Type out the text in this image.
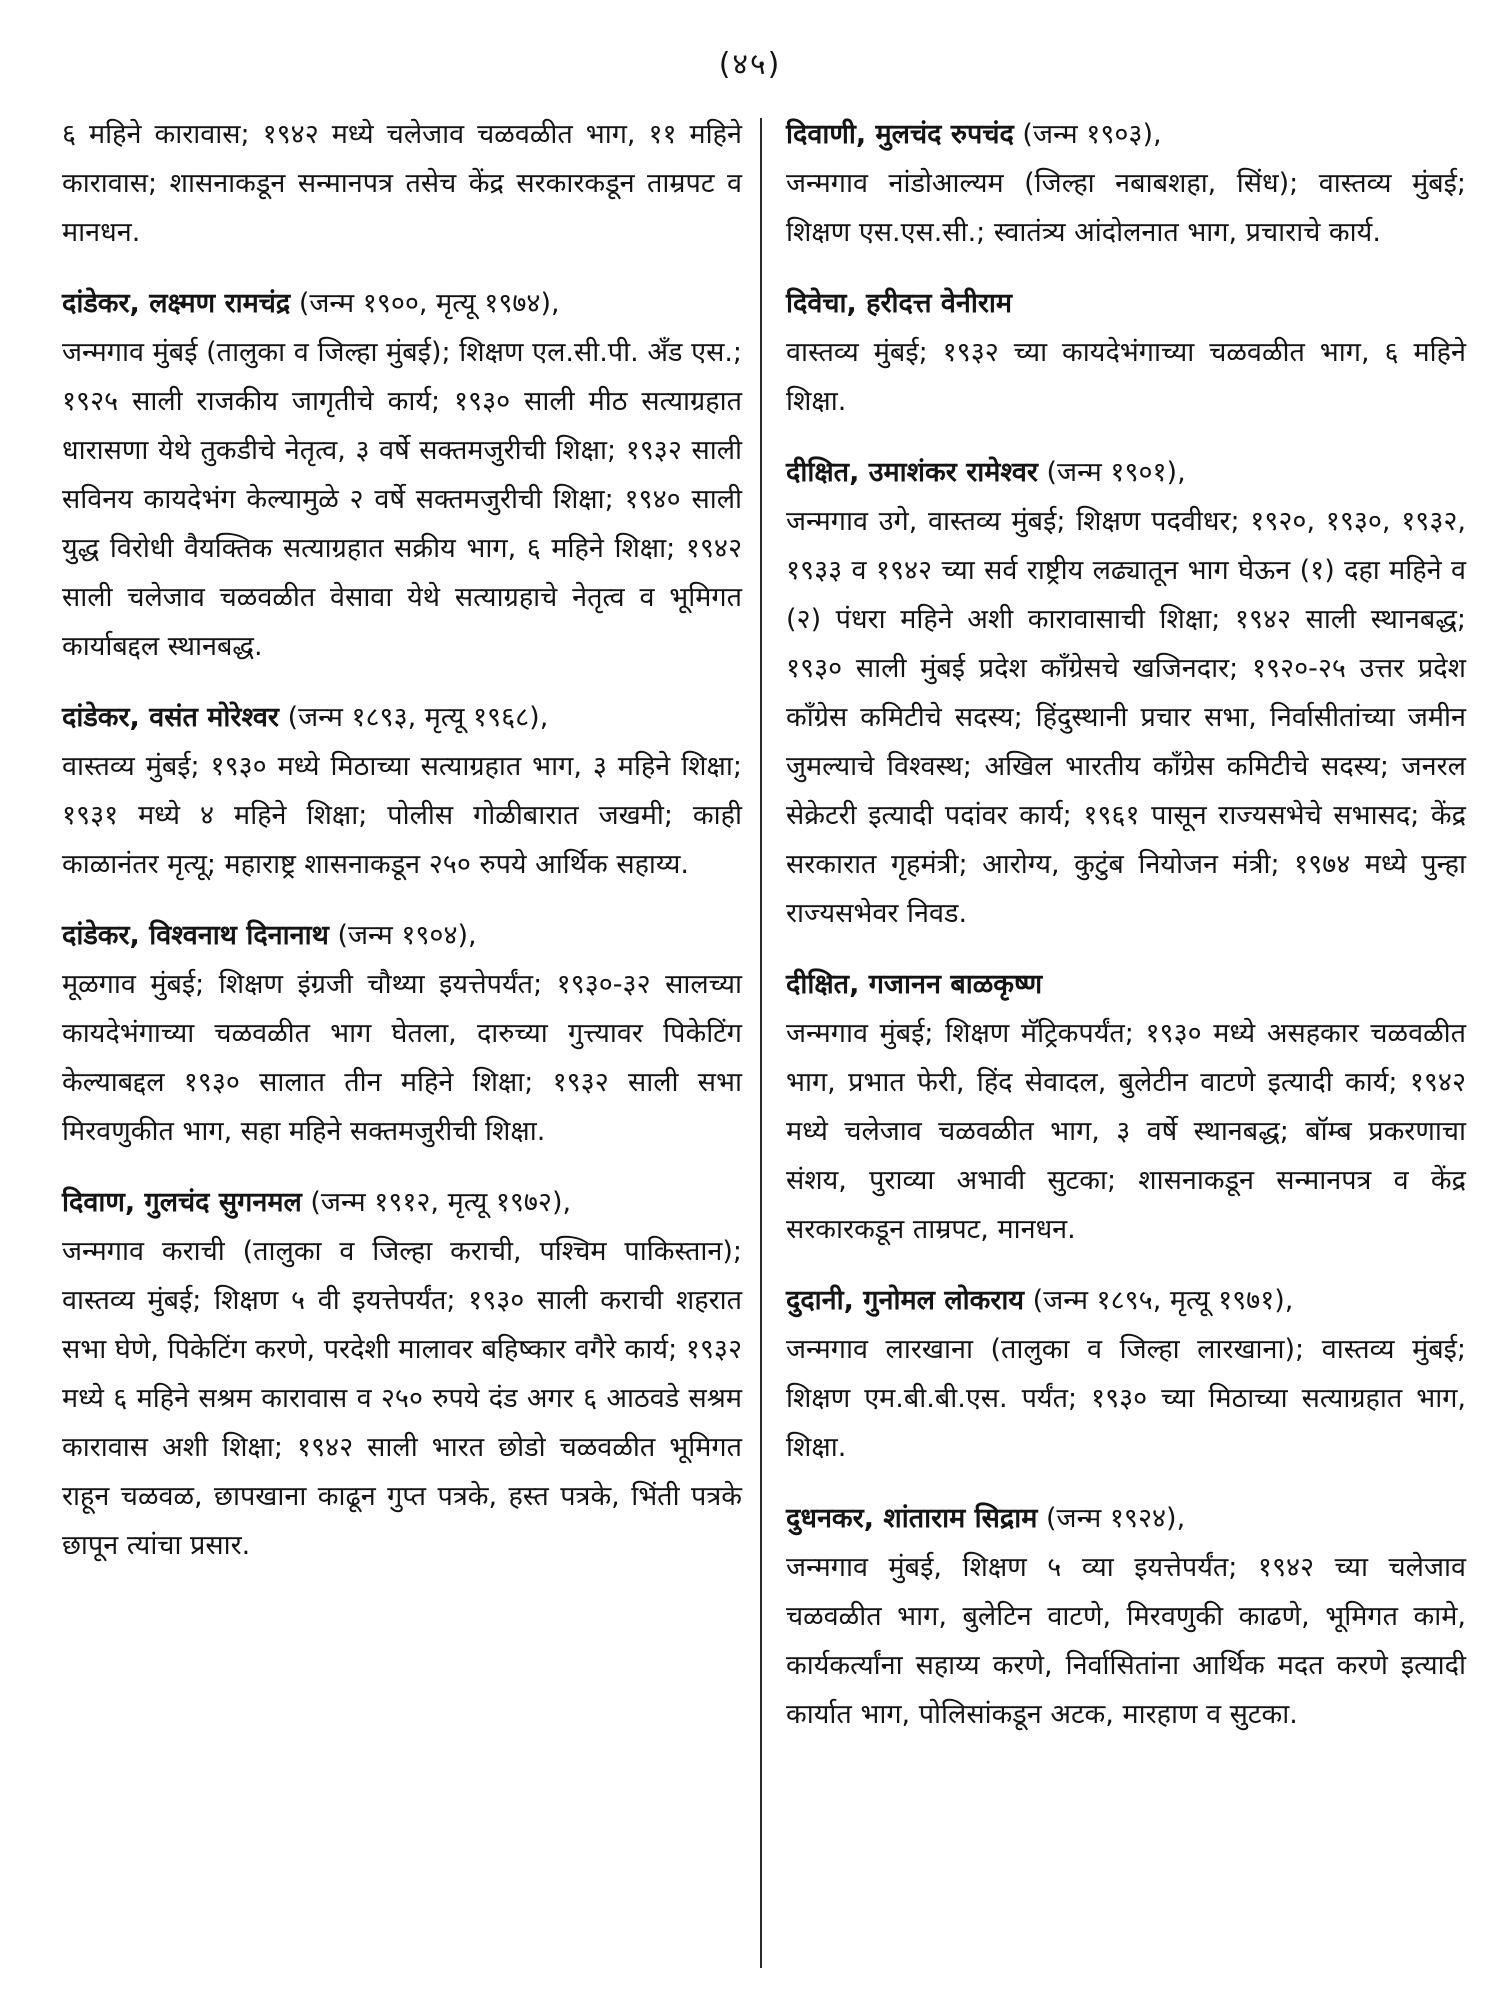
(४५)

६ महिने कारावास; १९४२ मध्ये चलेजाव चळवळीत भाग, ११ महिने कारावास; शासनाकडून सन्मानपत्र तसेच केंद्र सरकारकडून ताम्रपट व मानधन.

दांडेकर, लक्ष्मण रामचंद्र (जन्म १९००, मृत्यू १९७४),

जन्मगाव मुंबई (तालुका व जिल्हा मुंबई); शिक्षण एल.सी.पी. अँड एस.; १९२५ साली राजकीय जागृतीचे कार्य; १९३० साली मीठ सत्याग्रहात धारासणा येथे तुकडीचे नेतृत्व, ३ वर्षे सक्तमजुरीची शिक्षा; १९३२ साली सविनय कायदेभंग केल्यामुळे २ वर्षे सक्तमजुरीची शिक्षा; १९४० साली युद्ध विरोधी वैयक्तिक सत्याग्रहात सक्रीय भाग, ६ महिने शिक्षा; १९४२ साली चलेजाव चळवळीत वेसावा येथे सत्याग्रहाचे नेतृत्व व भूमिगत कार्याबद्दल स्थानबद्ध.

दांडेकर, वसंत मोरेश्वर (जन्म १८९३, मृत्यू १९६८),

वास्तव्य मुंबई; १९३० मध्ये मिठाच्या सत्याग्रहात भाग, ३ महिने शिक्षा; १९३१ मध्ये ४ महिने शिक्षा; पोलीस गोळीबारात जखमी; काही काळानंतर मृत्यू; महाराष्ट्र शासनाकडून २५० रुपये आर्थिक सहाय्य.

दांडेकर, विश्वनाथ दिनानाथ (जन्म १९०४),

मूळगाव मुंबई; शिक्षण इंग्रजी चौथ्या इयत्तेपर्यंत; १९३०-३२ सालच्या कायदेभंगाच्या चळवळीत भाग घेतला, दारुच्या गुत्त्यावर पिकेटिंग केल्याबद्दल १९३० सालात तीन महिने शिक्षा; १९३२ साली सभा मिरवणुकीत भाग, सहा महिने सक्तमजुरीची शिक्षा.

दिवाण, गुलचंद सुगनमल (जन्म १९१२, मृत्यू १९७२),

जन्मगाव कराची (तालुका व जिल्हा कराची, पश्चिम पाकिस्तान); वास्तव्य मुंबई; शिक्षण ५ वी इयत्तेपर्यंत; १९३० साली कराची शहरात सभा घेणे, पिकेटिंग करणे, परदेशी मालावर बहिष्कार वगैरे कार्य; १९३२ मध्ये ६ महिने सश्रम कारावास व २५० रुपये दंड अगर ६ आठवडे सश्रम कारावास अशी शिक्षा; १९४२ साली भारत छोडो चळवळीत भूमिगत राहून चळवळ, छापखाना काढून गुप्त पत्रके, हस्त पत्रके, भिंती पत्रके छापून त्यांचा प्रसार.

दिवाणी, मुलचंद रुपचंद (जन्म १९०३),

जन्मगाव नांडोआल्यम (जिल्हा नबाबशहा, सिंध); वास्तव्य मुंबई; शिक्षण एस.एस.सी.; स्वातंत्र्य आंदोलनात भाग, प्रचाराचे कार्य.

दिवेचा, हरीदत्त वेनीराम

वास्तव्य मुंबई; १९३२ च्या कायदेभंगाच्या चळवळीत भाग, ६ महिने शिक्षा.

दीक्षित, उमाशंकर रामेश्वर (जन्म १९०१),

जन्मगाव उगे, वास्तव्य मुंबई; शिक्षण पदवीधर; १९२०, १९३०, १९३२, १९३३ व १९४२ च्या सर्व राष्ट्रीय लढ्यातून भाग घेऊन (१) दहा महिने व (२) पंधरा महिने अशी कारावासाची शिक्षा; १९४२ साली स्थानबद्ध; १९३० साली मुंबई प्रदेश कॉंग्रेसचे खजिनदार; १९२०-२५ उत्तर प्रदेश कॉंग्रेस कमिटीचे सदस्य; हिंदुस्थानी प्रचार सभा, निर्वासीतांच्या जमीन जुमल्याचे विश्वस्थ; अखिल भारतीय कॉंग्रेस कमिटीचे सदस्य; जनरल सेक्रेटरी इत्यादी पदांवर कार्य; १९६१ पासून राज्यसभेचे सभासद; केंद्र सरकारात गृहमंत्री; आरोग्य, कुटुंब नियोजन मंत्री; १९७४ मध्ये पुन्हा राज्यसभेवर निवड.

दीक्षित, गजानन बाळकृष्ण

जन्मगाव मुंबई; शिक्षण मॅट्रिकपर्यंत; १९३० मध्ये असहकार चळवळीत भाग, प्रभात फेरी, हिंद सेवादल, बुलेटीन वाटणे इत्यादी कार्य; १९४२ मध्ये चलेजाव चळवळीत भाग, ३ वर्षे स्थानबद्ध; बॉम्ब प्रकरणाचा संशय, पुराव्या अभावी सुटका; शासनाकडून सन्मानपत्र व केंद्र सरकारकडून ताम्रपट, मानधन.

दुदानी, गुनोमल लोकराय (जन्म १८९५, मृत्यू १९७१),

जन्मगाव लारखाना (तालुका व जिल्हा लारखाना); वास्तव्य मुंबई; शिक्षण एम.बी.बी.एस. पर्यंत; १९३० च्या मिठाच्या सत्याग्रहात भाग, शिक्षा.

दुधनकर, शांताराम सिद्राम (जन्म १९२४),

जन्मगाव मुंबई, शिक्षण ५ व्या इयत्तेपर्यंत; १९४२ च्या चलेजाव चळवळीत भाग, बुलेटिन वाटणे, मिरवणुकी काढणे, भूमिगत कामे, कार्यकर्त्यांना सहाय्य करणे, निर्वासितांना आर्थिक मदत करणे इत्यादी कार्यात भाग, पोलिसांकडून अटक, मारहाण व सुटका.
